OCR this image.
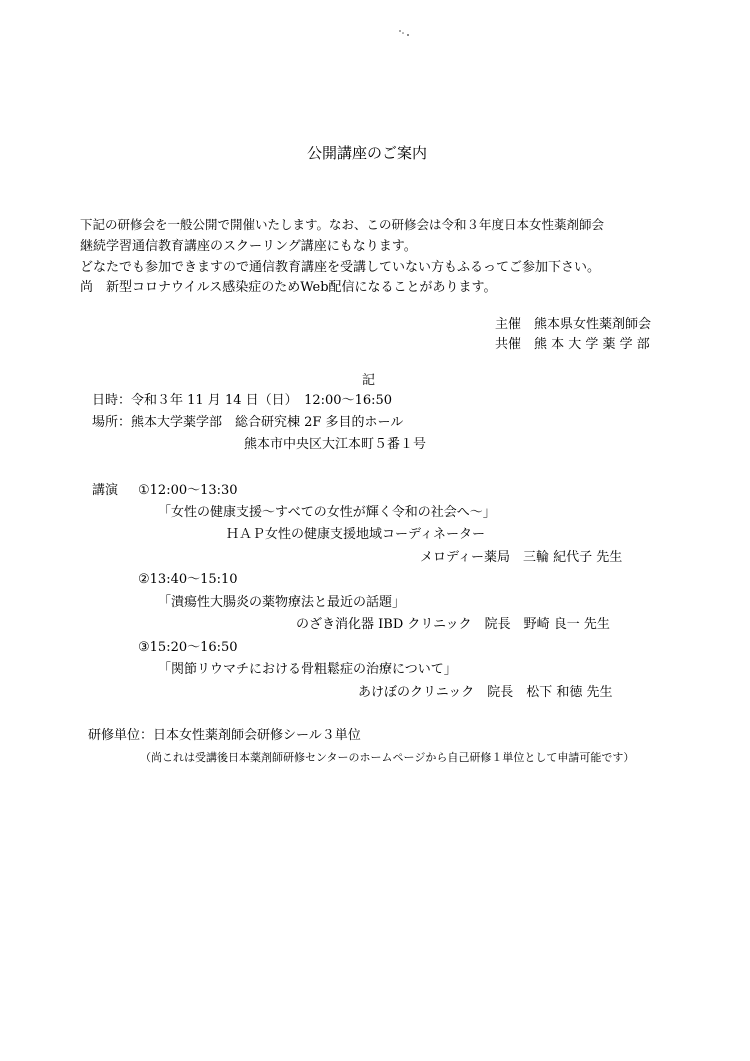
公開講座のご案内
下記の研修会を一般公開で開催いたします。なお、この研修会は令和３年度日本女性薬剤師会
継続学習通信教育講座のスクーリング講座にもなります。
どなたでも参加できますので通信教育講座を受講していない方もふるってご参加下さい。
尚　新型コロナウイルス感染症のためWeb配信になることがあります。
主催　熊本県女性薬剤師会
共催　熊 本 大 学 薬 学 部
記
日時：令和３年 11 月 14 日（日）　12:00～16:50
場所：熊本大学薬学部　総合研究棟 2F 多目的ホール
熊本市中央区大江本町５番１号
講演 ①12:00～13:30
「女性の健康支援～すべての女性が輝く令和の社会へ～」
ＨＡＰ女性の健康支援地域コーディネーター
メロディー薬局　三輪 紀代子 先生
②13:40～15:10
「潰瘍性大腸炎の薬物療法と最近の話題」
のざき消化器 IBD クリニック　院長　野崎 良一 先生
③15:20～16:50
「関節リウマチにおける骨粗鬆症の治療について」
あけぼのクリニック　院長　松下 和徳 先生
研修単位：日本女性薬剤師会研修シール３単位
（尚これは受講後日本薬剤師研修センターのホームページから自己研修１単位として申請可能です）
